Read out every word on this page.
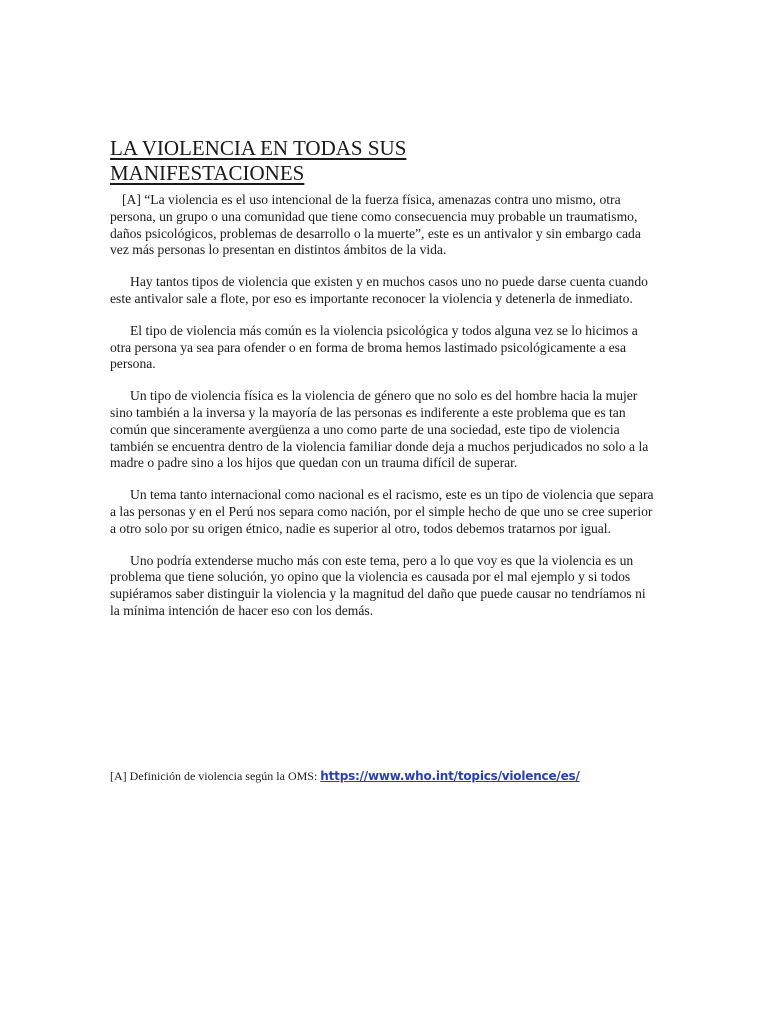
LA VIOLENCIA EN TODAS SUS
MANIFESTACIONES

[A] “La violencia es el uso intencional de la fuerza física, amenazas contra uno mismo, otra persona, un grupo o una comunidad que tiene como consecuencia muy probable un traumatismo, daños psicológicos, problemas de desarrollo o la muerte”, este es un antivalor y sin embargo cada vez más personas lo presentan en distintos ámbitos de la vida.

Hay tantos tipos de violencia que existen y en muchos casos uno no puede darse cuenta cuando este antivalor sale a flote, por eso es importante reconocer la violencia y detenerla de inmediato.

El tipo de violencia más común es la violencia psicológica y todos alguna vez se lo hicimos a otra persona ya sea para ofender o en forma de broma hemos lastimado psicológicamente a esa persona.

Un tipo de violencia física es la violencia de género que no solo es del hombre hacia la mujer sino también a la inversa y la mayoría de las personas es indiferente a este problema que es tan común que sinceramente avergüenza a uno como parte de una sociedad, este tipo de violencia también se encuentra dentro de la violencia familiar donde deja a muchos perjudicados no solo a la madre o padre sino a los hijos que quedan con un trauma difícil de superar.

Un tema tanto internacional como nacional es el racismo, este es un tipo de violencia que separa a las personas y en el Perú nos separa como nación, por el simple hecho de que uno se cree superior a otro solo por su origen étnico, nadie es superior al otro, todos debemos tratarnos por igual.

Uno podría extenderse mucho más con este tema, pero a lo que voy es que la violencia es un problema que tiene solución, yo opino que la violencia es causada por el mal ejemplo y si todos supiéramos saber distinguir la violencia y la magnitud del daño que puede causar no tendríamos ni la mínima intención de hacer eso con los demás.

[A] Definición de violencia según la OMS: https://www.who.int/topics/violence/es/
